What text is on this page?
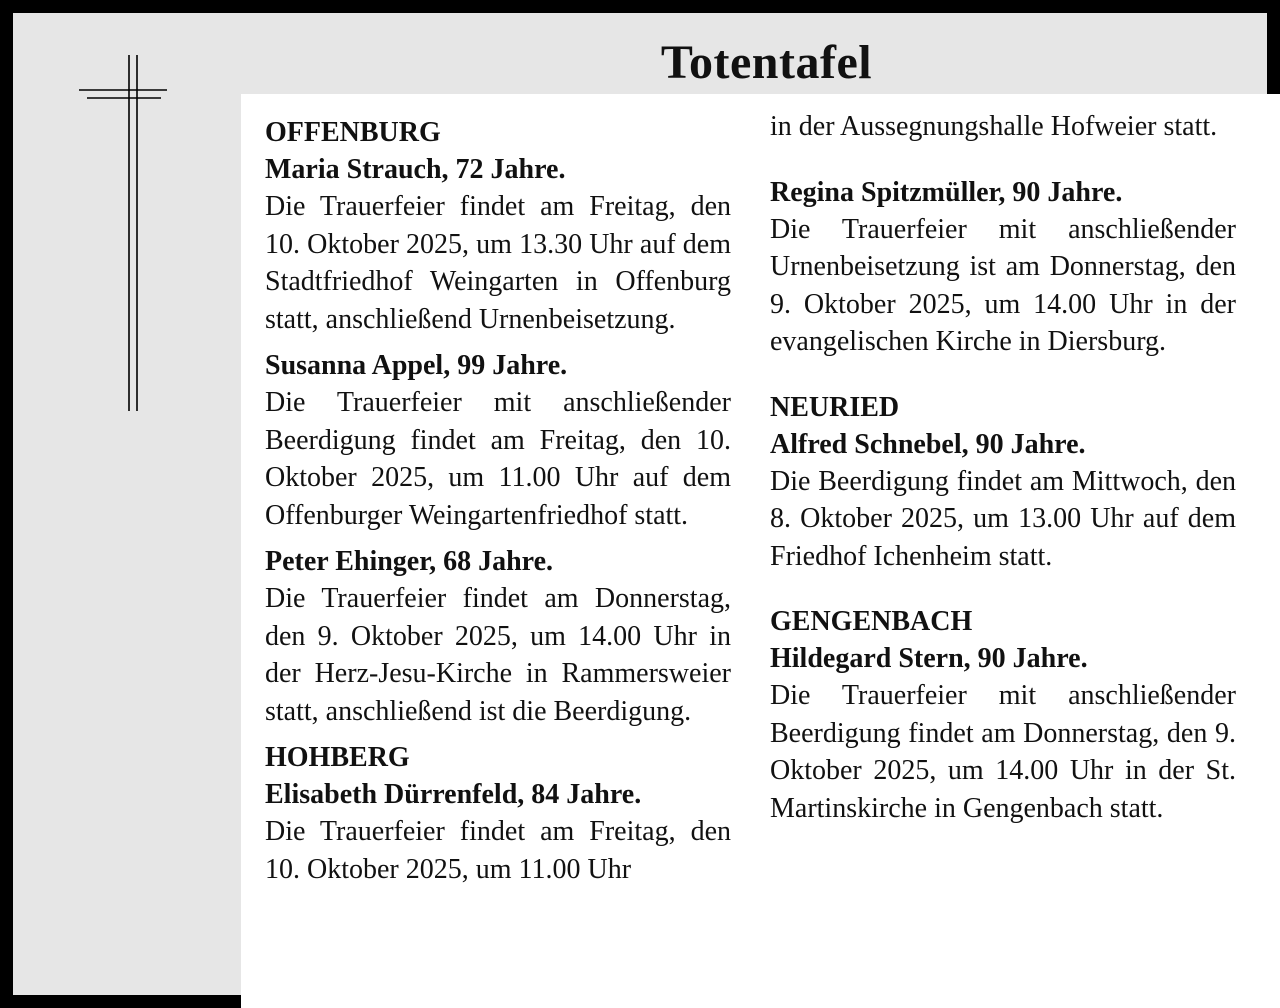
Totentafel
OFFENBURG
Maria Strauch, 72 Jahre.
Die Trauerfeier findet am Freitag, den 10. Oktober 2025, um 13.30 Uhr auf dem Stadtfriedhof Weingarten in Offenburg statt, anschließend Urnenbeisetzung.
Susanna Appel, 99 Jahre.
Die Trauerfeier mit anschließender Beerdigung findet am Freitag, den 10. Oktober 2025, um 11.00 Uhr auf dem Offenburger Weingartenfriedhof statt.
Peter Ehinger, 68 Jahre.
Die Trauerfeier findet am Donnerstag, den 9. Oktober 2025, um 14.00 Uhr in der Herz-Jesu-Kirche in Rammersweier statt, anschließend ist die Beerdigung.
HOHBERG
Elisabeth Dürrenfeld, 84 Jahre.
Die Trauerfeier findet am Freitag, den 10. Oktober 2025, um 11.00 Uhr
in der Aussegnungshalle Hofweier statt.
Regina Spitzmüller, 90 Jahre.
Die Trauerfeier mit anschließender Urnenbeisetzung ist am Donnerstag, den 9. Oktober 2025, um 14.00 Uhr in der evangelischen Kirche in Diersburg.
NEURIED
Alfred Schnebel, 90 Jahre.
Die Beerdigung findet am Mittwoch, den 8. Oktober 2025, um 13.00 Uhr auf dem Friedhof Ichenheim statt.
GENGENBACH
Hildegard Stern, 90 Jahre.
Die Trauerfeier mit anschließender Beerdigung findet am Donnerstag, den 9. Oktober 2025, um 14.00 Uhr in der St. Martinskirche in Gengenbach statt.
